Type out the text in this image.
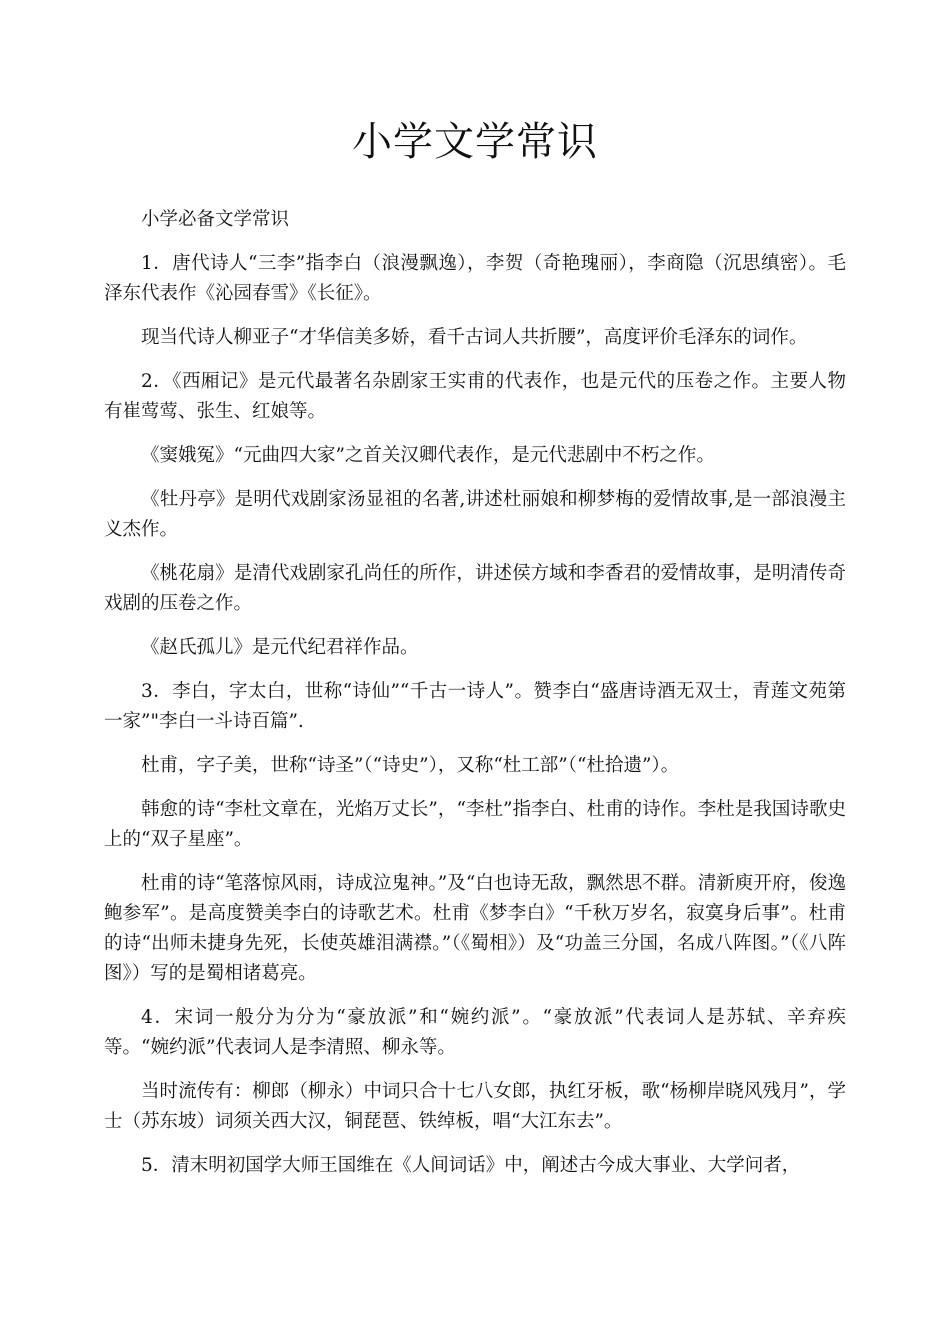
小学文学常识

小学必备文学常识

1．唐代诗人“三李”指李白（浪漫飘逸），李贺（奇艳瑰丽），李商隐（沉思缜密）。毛泽东代表作《沁园春雪》《长征》。

现当代诗人柳亚子“才华信美多娇，看千古词人共折腰”，高度评价毛泽东的词作。

2．《西厢记》是元代最著名杂剧家王实甫的代表作，也是元代的压卷之作。主要人物有崔莺莺、张生、红娘等。

《窦娥冤》“元曲四大家”之首关汉卿代表作，是元代悲剧中不朽之作。

《牡丹亭》是明代戏剧家汤显祖的名著,讲述杜丽娘和柳梦梅的爱情故事,是一部浪漫主义杰作。

《桃花扇》是清代戏剧家孔尚任的所作，讲述侯方域和李香君的爱情故事，是明清传奇戏剧的压卷之作。

《赵氏孤儿》是元代纪君祥作品。

3．李白，字太白，世称“诗仙”“千古一诗人”。赞李白“盛唐诗酒无双士，青莲文苑第一家”"李白一斗诗百篇”.

杜甫，字子美，世称“诗圣”（“诗史”），又称“杜工部”（“杜拾遗”）。

韩愈的诗“李杜文章在，光焰万丈长”，“李杜”指李白、杜甫的诗作。李杜是我国诗歌史上的“双子星座”。

杜甫的诗“笔落惊风雨，诗成泣鬼神。”及“白也诗无敌，飘然思不群。清新庾开府，俊逸鲍参军”。是高度赞美李白的诗歌艺术。杜甫《梦李白》“千秋万岁名，寂寞身后事”。杜甫的诗“出师未捷身先死，长使英雄泪满襟。”（《蜀相》）及“功盖三分国，名成八阵图。”（《八阵图》）写的是蜀相诸葛亮。

4．宋词一般分为分为“豪放派”和“婉约派”。“豪放派”代表词人是苏轼、辛弃疾等。“婉约派”代表词人是李清照、柳永等。

当时流传有：柳郎（柳永）中词只合十七八女郎，执红牙板，歌“杨柳岸晓风残月”，学士（苏东坡）词须关西大汉，铜琵琶、铁绰板，唱“大江东去”。

5．清末明初国学大师王国维在《人间词话》中，阐述古今成大事业、大学问者，
